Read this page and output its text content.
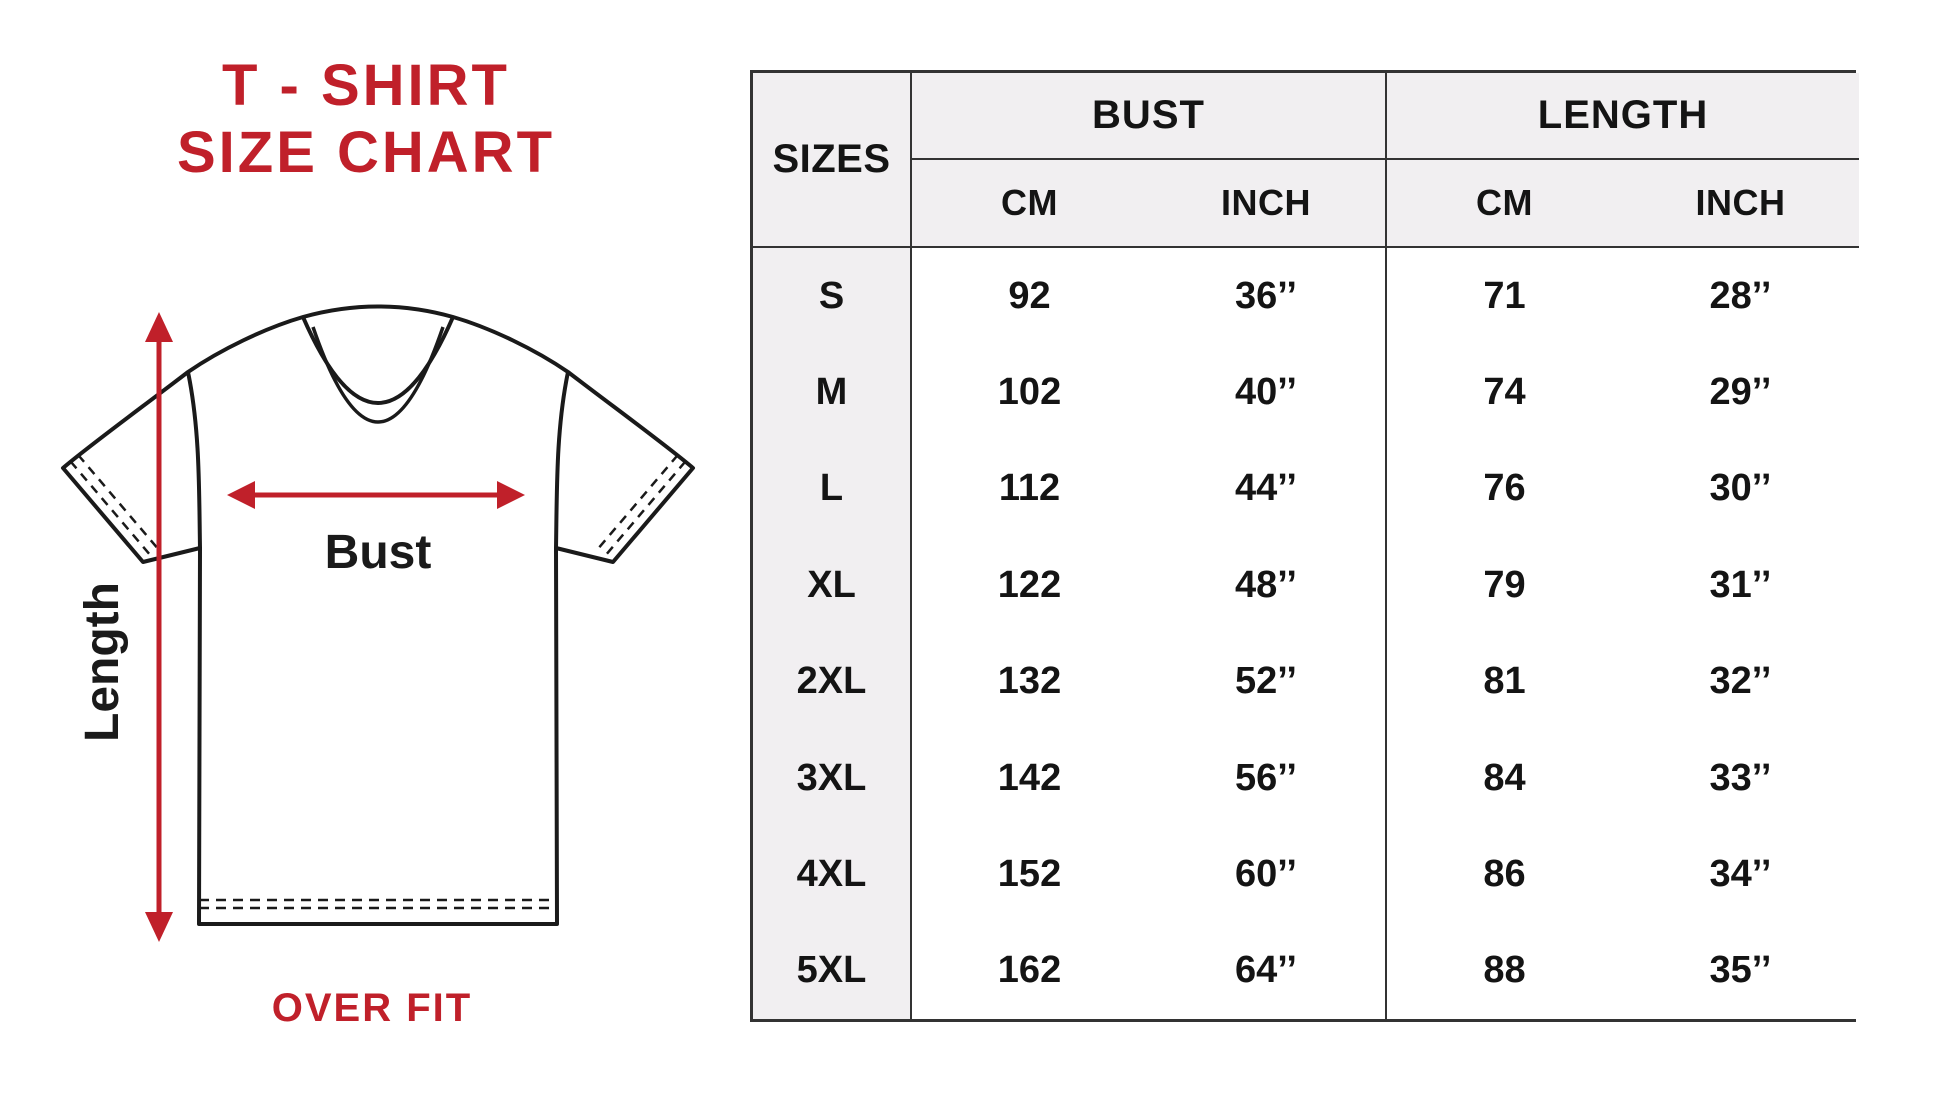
T - SHIRT
SIZE CHART
Bust
Length
OVER FIT
SIZES
BUST	LENGTH
CM	INCH	CM	INCH
S	92	36’’	71	28’’
M	102	40’’	74	29’’
L	112	44’’	76	30’’
XL	122	48’’	79	31’’
2XL	132	52’’	81	32’’
3XL	142	56’’	84	33’’
4XL	152	60’’	86	34’’
5XL	162	64’’	88	35’’
